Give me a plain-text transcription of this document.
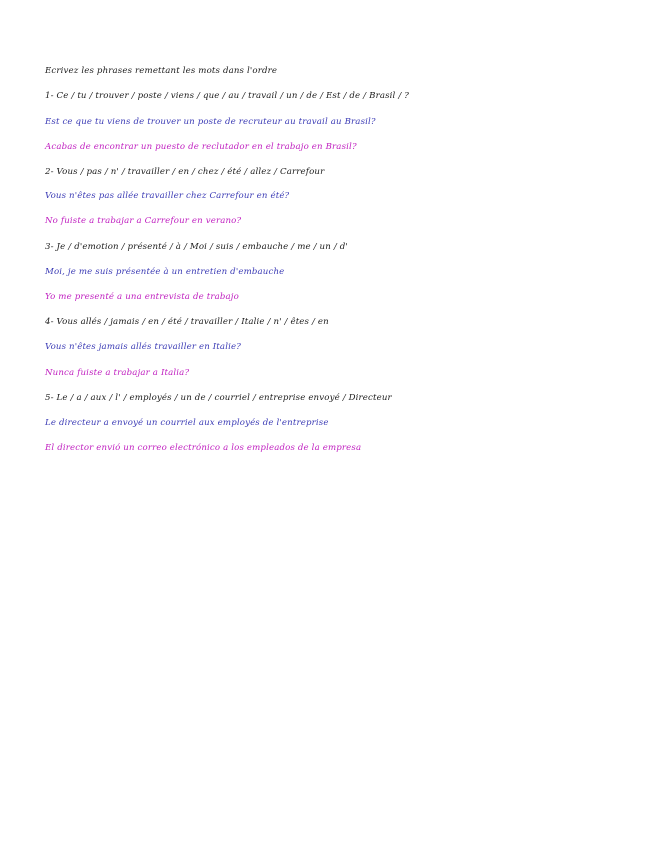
Ecrivez les phrases remettant les mots dans l'ordre
1- Ce / tu / trouver / poste / viens / que / au / travail / un / de / Est / de / Brasil / ?
Est ce que tu viens de trouver un poste de recruteur au travail au Brasil?
Acabas de encontrar un puesto de reclutador en el trabajo en Brasil?
2- Vous / pas / n' / travailler / en / chez / été / allez / Carrefour
Vous n'êtes pas allée travailler chez Carrefour en été?
No fuiste a trabajar a Carrefour en verano?
3- Je / d'emotion / présenté / à / Moi / suis / embauche / me / un / d'
Moi, je me suis présentée à un entretien d'embauche
Yo me presenté a una entrevista de trabajo
4- Vous allés / jamais / en / été / travailler / Italie / n' / êtes / en
Vous n'êtes jamais allés travailler en Italie?
Nunca fuiste a trabajar a Italia?
5- Le / a / aux / l' / employés / un de / courriel / entreprise envoyé / Directeur
Le directeur a envoyé un courriel aux employés de l'entreprise
El director envió un correo electrónico a los empleados de la empresa
